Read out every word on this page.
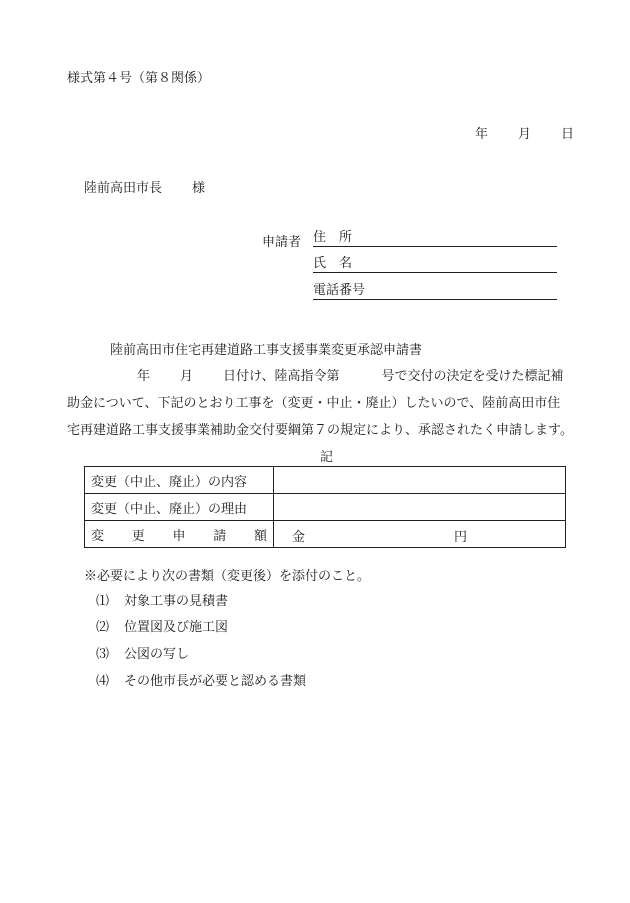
様式第４号（第８関係）
年 月 日
陸前高田市長 様
申請者 住　所
氏　名
電話番号
陸前高田市住宅再建道路工事支援事業変更承認申請書
年 月 日付け、陸高指令第	号で交付の決定を受けた標記補
助金について、下記のとおり工事を（変更・中止・廃止）したいので、陸前高田市住
宅再建道路工事支援事業補助金交付要綱第７の規定により、承認されたく申請します。
記
変更（中止、廃止）の内容	
変更（中止、廃止）の理由	

変 更 申 請 額	金 円
※必要により次の書類（変更後）を添付のこと。
⑴ 対象工事の見積書
⑵ 位置図及び施工図
⑶ 公図の写し
⑷ その他市長が必要と認める書類
